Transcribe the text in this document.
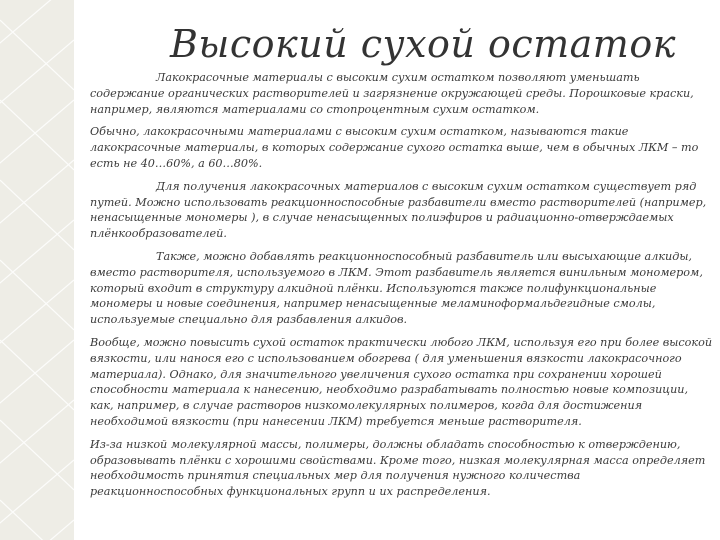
Высокий сухой остаток

Лакокрасочные материалы с высоким сухим остатком позволяют уменьшать содержание органических растворителей и загрязнение окружающей среды. Порошковые краски, например, являются материалами со стопроцентным сухим остатком.

Обычно, лакокрасочными материалами с высоким сухим остатком, называются такие лакокрасочные материалы, в которых содержание сухого остатка выше, чем в обычных ЛКМ – то есть не 40…60%, а 60…80%.

Для получения лакокрасочных материалов с высоким сухим остатком существует ряд путей. Можно использовать реакционноспособные разбавители вместо растворителей (например, ненасыщенные мономеры ), в случае ненасыщенных полиэфиров и радиационно-отверждаемых плёнкообразователей.

Также, можно добавлять реакционноспособный разбавитель или высыхающие алкиды, вместо растворителя, используемого в ЛКМ. Этот разбавитель является винильным мономером, который входит в структуру алкидной плёнки. Используются также полифункциональные мономеры и новые соединения, например ненасыщенные меламиноформальдегидные смолы, используемые специально для разбавления алкидов.

Вообще, можно повысить сухой остаток практически любого ЛКМ, используя его при более высокой вязкости, или нанося его с использованием обогрева ( для уменьшения вязкости лакокрасочного материала). Однако, для значительного увеличения сухого остатка при сохранении хорошей способности материала к нанесению, необходимо разрабатывать полностью новые композиции, как, например, в случае растворов низкомолекулярных полимеров, когда для достижения необходимой вязкости (при нанесении ЛКМ) требуется меньше растворителя.

Из-за низкой молекулярной массы, полимеры, должны обладать способностью к отверждению, образовывать плёнки с хорошими свойствами. Кроме того, низкая молекулярная масса определяет необходимость принятия специальных мер для получения нужного количества реакционноспособных функциональных групп и их распределения.
